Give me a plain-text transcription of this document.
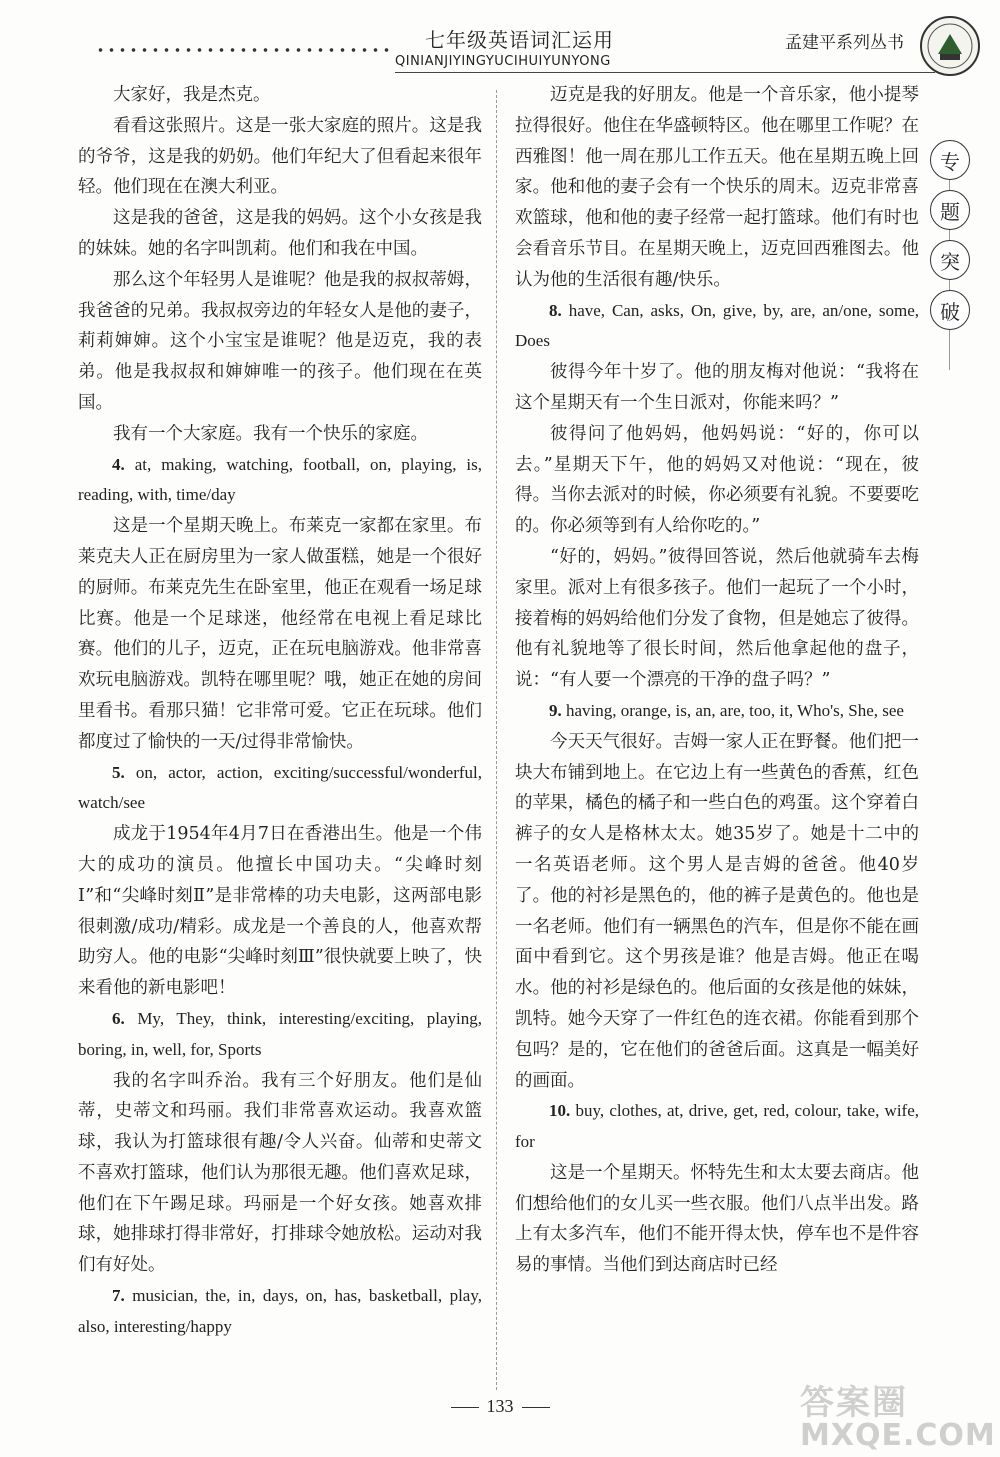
七年级英语词汇运用
QINIANJIYINGYUCIHUIYUNYONG
孟建平系列丛书
专
题
突
破

大家好，我是杰克。

看看这张照片。这是一张大家庭的照片。这是我的爷爷，这是我的奶奶。他们年纪大了但看起来很年轻。他们现在在澳大利亚。

这是我的爸爸，这是我的妈妈。这个小女孩是我的妹妹。她的名字叫凯莉。他们和我在中国。

那么这个年轻男人是谁呢？他是我的叔叔蒂姆，我爸爸的兄弟。我叔叔旁边的年轻女人是他的妻子，莉莉婶婶。这个小宝宝是谁呢？他是迈克，我的表弟。他是我叔叔和婶婶唯一的孩子。他们现在在英国。

我有一个大家庭。我有一个快乐的家庭。

4. at, making, watching, football, on, playing, is, reading, with, time/day

这是一个星期天晚上。布莱克一家都在家里。布莱克夫人正在厨房里为一家人做蛋糕，她是一个很好的厨师。布莱克先生在卧室里，他正在观看一场足球比赛。他是一个足球迷，他经常在电视上看足球比赛。他们的儿子，迈克，正在玩电脑游戏。他非常喜欢玩电脑游戏。凯特在哪里呢？哦，她正在她的房间里看书。看那只猫！它非常可爱。它正在玩球。他们都度过了愉快的一天/过得非常愉快。

5. on, actor, action, exciting/successful/wonderful, watch/see

成龙于1954年4月7日在香港出生。他是一个伟大的成功的演员。他擅长中国功夫。“尖峰时刻Ⅰ”和“尖峰时刻Ⅱ”是非常棒的功夫电影，这两部电影很刺激/成功/精彩。成龙是一个善良的人，他喜欢帮助穷人。他的电影“尖峰时刻Ⅲ”很快就要上映了，快来看他的新电影吧！

6. My, They, think, interesting/exciting, playing, boring, in, well, for, Sports

我的名字叫乔治。我有三个好朋友。他们是仙蒂，史蒂文和玛丽。我们非常喜欢运动。我喜欢篮球，我认为打篮球很有趣/令人兴奋。仙蒂和史蒂文不喜欢打篮球，他们认为那很无趣。他们喜欢足球，他们在下午踢足球。玛丽是一个好女孩。她喜欢排球，她排球打得非常好，打排球令她放松。运动对我们有好处。

7. musician, the, in, days, on, has, basketball, play, also, interesting/happy

迈克是我的好朋友。他是一个音乐家，他小提琴拉得很好。他住在华盛顿特区。他在哪里工作呢？在西雅图！他一周在那儿工作五天。他在星期五晚上回家。他和他的妻子会有一个快乐的周末。迈克非常喜欢篮球，他和他的妻子经常一起打篮球。他们有时也会看音乐节目。在星期天晚上，迈克回西雅图去。他认为他的生活很有趣/快乐。

8. have, Can, asks, On, give, by, are, an/one, some, Does

彼得今年十岁了。他的朋友梅对他说：“我将在这个星期天有一个生日派对，你能来吗？”

彼得问了他妈妈，他妈妈说：“好的，你可以去。”星期天下午，他的妈妈又对他说：“现在，彼得。当你去派对的时候，你必须要有礼貌。不要要吃的。你必须等到有人给你吃的。”

“好的，妈妈。”彼得回答说，然后他就骑车去梅家里。派对上有很多孩子。他们一起玩了一个小时，接着梅的妈妈给他们分发了食物，但是她忘了彼得。他有礼貌地等了很长时间，然后他拿起他的盘子，说：“有人要一个漂亮的干净的盘子吗？”

9. having, orange, is, an, are, too, it, Who's, She, see

今天天气很好。吉姆一家人正在野餐。他们把一块大布铺到地上。在它边上有一些黄色的香蕉，红色的苹果，橘色的橘子和一些白色的鸡蛋。这个穿着白裤子的女人是格林太太。她35岁了。她是十二中的一名英语老师。这个男人是吉姆的爸爸。他40岁了。他的衬衫是黑色的，他的裤子是黄色的。他也是一名老师。他们有一辆黑色的汽车，但是你不能在画面中看到它。这个男孩是谁？他是吉姆。他正在喝水。他的衬衫是绿色的。他后面的女孩是他的妹妹，凯特。她今天穿了一件红色的连衣裙。你能看到那个包吗？是的，它在他们的爸爸后面。这真是一幅美好的画面。

10. buy, clothes, at, drive, get, red, colour, take, wife, for

这是一个星期天。怀特先生和太太要去商店。他们想给他们的女儿买一些衣服。他们八点半出发。路上有太多汽车，他们不能开得太快，停车也不是件容易的事情。当他们到达商店时已经

133	答案圈
MXQE.COM
